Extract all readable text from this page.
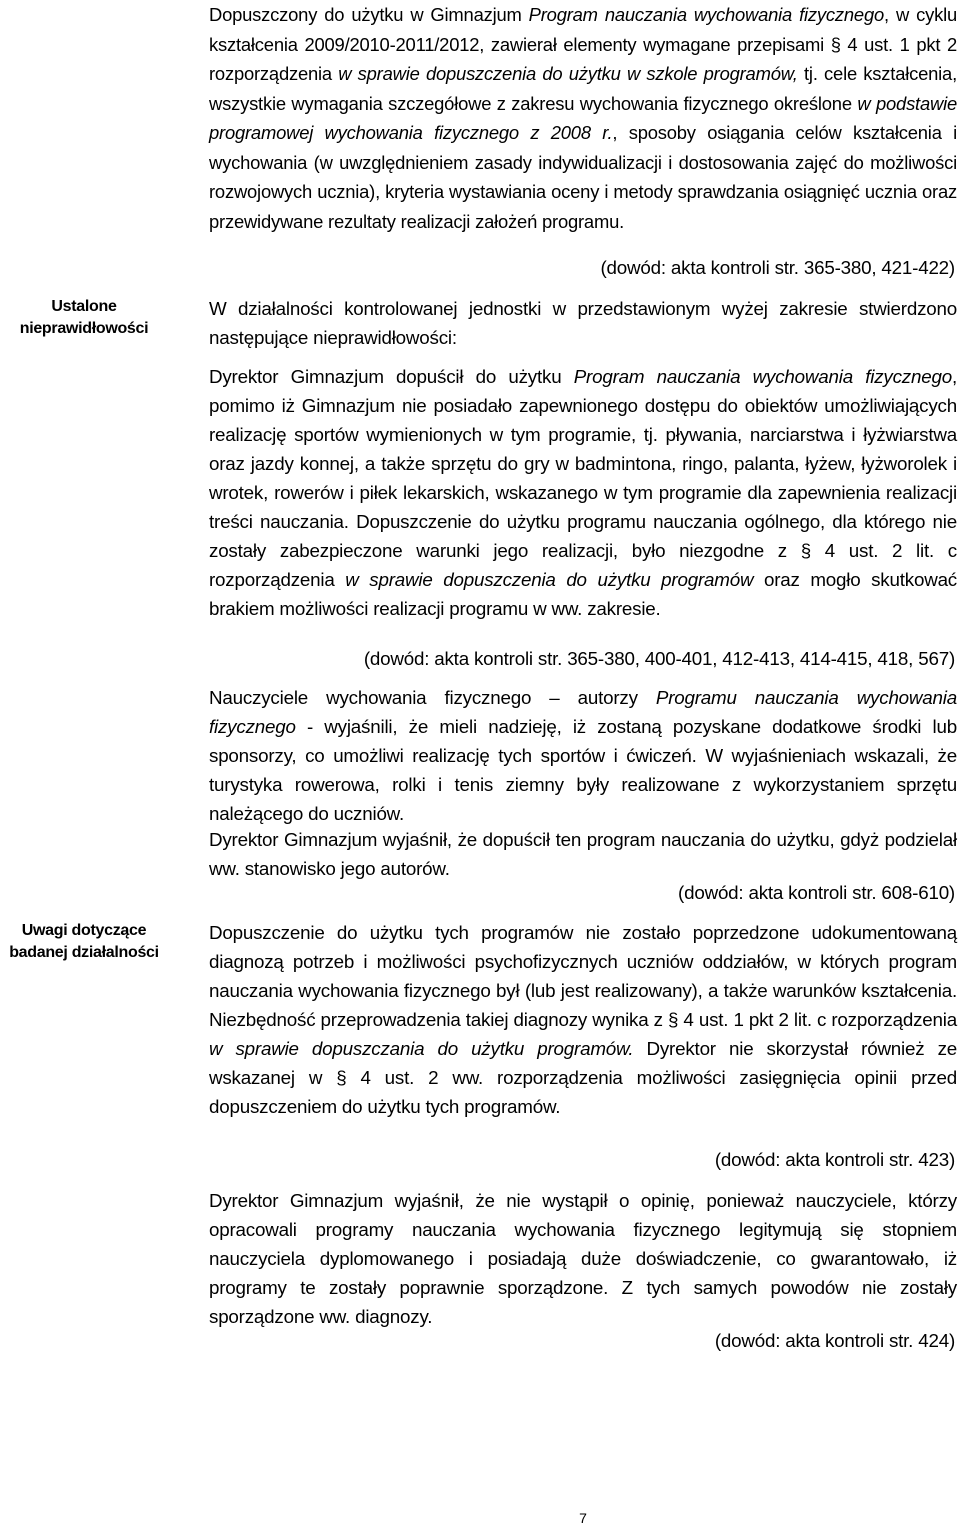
Ustalone nieprawidłowości
Uwagi dotyczące badanej działalności

Dopuszczony do użytku w Gimnazjum Program nauczania wychowania fizycznego, w cyklu kształcenia 2009/2010-2011/2012, zawierał elementy wymagane przepisami § 4 ust. 1 pkt 2 rozporządzenia w sprawie dopuszczenia do użytku w szkole programów, tj. cele kształcenia, wszystkie wymagania szczegółowe z zakresu wychowania fizycznego określone w podstawie programowej wychowania fizycznego z 2008 r., sposoby osiągania celów kształcenia i wychowania (w uwzględnieniem zasady indywidualizacji i dostosowania zajęć do możliwości rozwojowych ucznia), kryteria wystawiania oceny i metody sprawdzania osiągnięć ucznia oraz przewidywane rezultaty realizacji założeń programu.

(dowód: akta kontroli str. 365-380, 421-422)

W działalności kontrolowanej jednostki w przedstawionym wyżej zakresie stwierdzono następujące nieprawidłowości:

Dyrektor Gimnazjum dopuścił do użytku Program nauczania wychowania fizycznego, pomimo iż Gimnazjum nie posiadało zapewnionego dostępu do obiektów umożliwiających realizację sportów wymienionych w tym programie, tj. pływania, narciarstwa i łyżwiarstwa oraz jazdy konnej, a także sprzętu do gry w badmintona, ringo, palanta, łyżew, łyżworolek i wrotek, rowerów i piłek lekarskich, wskazanego w tym programie dla zapewnienia realizacji treści nauczania. Dopuszczenie do użytku programu nauczania ogólnego, dla którego nie zostały zabezpieczone warunki jego realizacji, było niezgodne z § 4 ust. 2 lit. c rozporządzenia w sprawie dopuszczenia do użytku programów oraz mogło skutkować brakiem możliwości realizacji programu w ww. zakresie.

(dowód: akta kontroli str. 365-380, 400-401, 412-413, 414-415, 418, 567)

Nauczyciele wychowania fizycznego – autorzy Programu nauczania wychowania fizycznego - wyjaśnili, że mieli nadzieję, iż zostaną pozyskane dodatkowe środki lub sponsorzy, co umożliwi realizację tych sportów i ćwiczeń. W wyjaśnieniach wskazali, że turystyka rowerowa, rolki i tenis ziemny były realizowane z wykorzystaniem sprzętu należącego do uczniów.

Dyrektor Gimnazjum wyjaśnił, że dopuścił ten program nauczania do użytku, gdyż podzielał ww. stanowisko jego autorów.

(dowód: akta kontroli str. 608-610)

Dopuszczenie do użytku tych programów nie zostało poprzedzone udokumentowaną diagnozą potrzeb i możliwości psychofizycznych uczniów oddziałów, w których program nauczania wychowania fizycznego był (lub jest realizowany), a także warunków kształcenia. Niezbędność przeprowadzenia takiej diagnozy wynika z § 4 ust. 1 pkt 2 lit. c rozporządzenia w sprawie dopuszczania do użytku programów. Dyrektor nie skorzystał również ze wskazanej w § 4 ust. 2 ww. rozporządzenia możliwości zasięgnięcia opinii przed dopuszczeniem do użytku tych programów.

(dowód: akta kontroli str. 423)

Dyrektor Gimnazjum wyjaśnił, że nie wystąpił o opinię, ponieważ nauczyciele, którzy opracowali programy nauczania wychowania fizycznego legitymują się stopniem nauczyciela dyplomowanego i posiadają duże doświadczenie, co gwarantowało, iż programy te zostały poprawnie sporządzone. Z tych samych powodów nie zostały sporządzone ww. diagnozy.

(dowód: akta kontroli str. 424)
7
